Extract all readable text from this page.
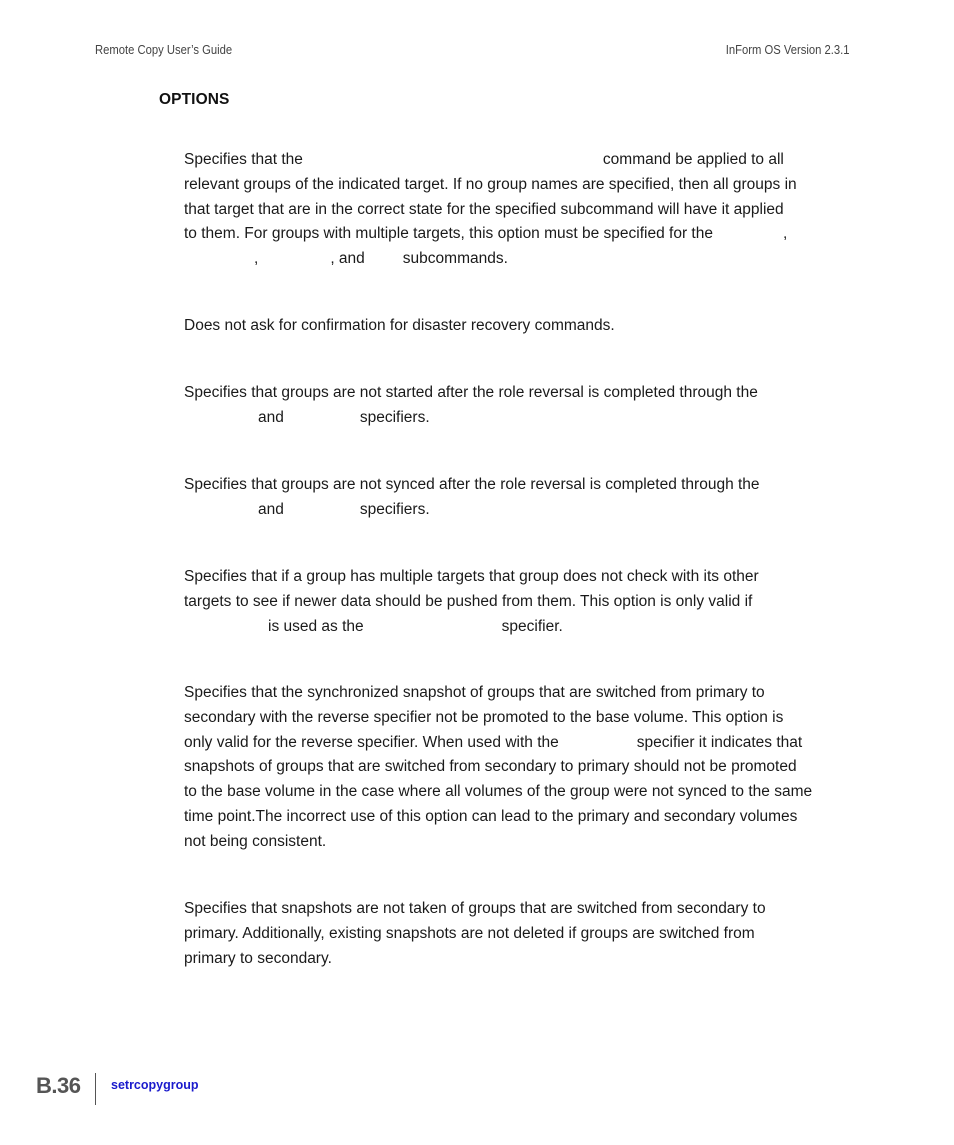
Remote Copy User’s Guide	InForm OS Version 2.3.1
OPTIONS
Specifies that the	command be applied to all
relevant groups of the indicated target. If no group names are specified, then all groups in
that target that are in the correct state for the specified subcommand will have it applied
to them. For groups with multiple targets, this option must be specified for the	,
,	, and subcommands.
Does not ask for confirmation for disaster recovery commands.
Specifies that groups are not started after the role reversal is completed through the
and	specifiers.
Specifies that groups are not synced after the role reversal is completed through the
and	specifiers.
Specifies that if a group has multiple targets that group does not check with its other
targets to see if newer data should be pushed from them. This option is only valid if
is used as the	specifier.
Specifies that the synchronized snapshot of groups that are switched from primary to
secondary with the reverse specifier not be promoted to the base volume. This option is
only valid for the reverse specifier. When used with the	specifier it indicates that
snapshots of groups that are switched from secondary to primary should not be promoted
to the base volume in the case where all volumes of the group were not synced to the same
time point.The incorrect use of this option can lead to the primary and secondary volumes
not being consistent.
Specifies that snapshots are not taken of groups that are switched from secondary to
primary. Additionally, existing snapshots are not deleted if groups are switched from
primary to secondary.
B.36 setrcopygroup
